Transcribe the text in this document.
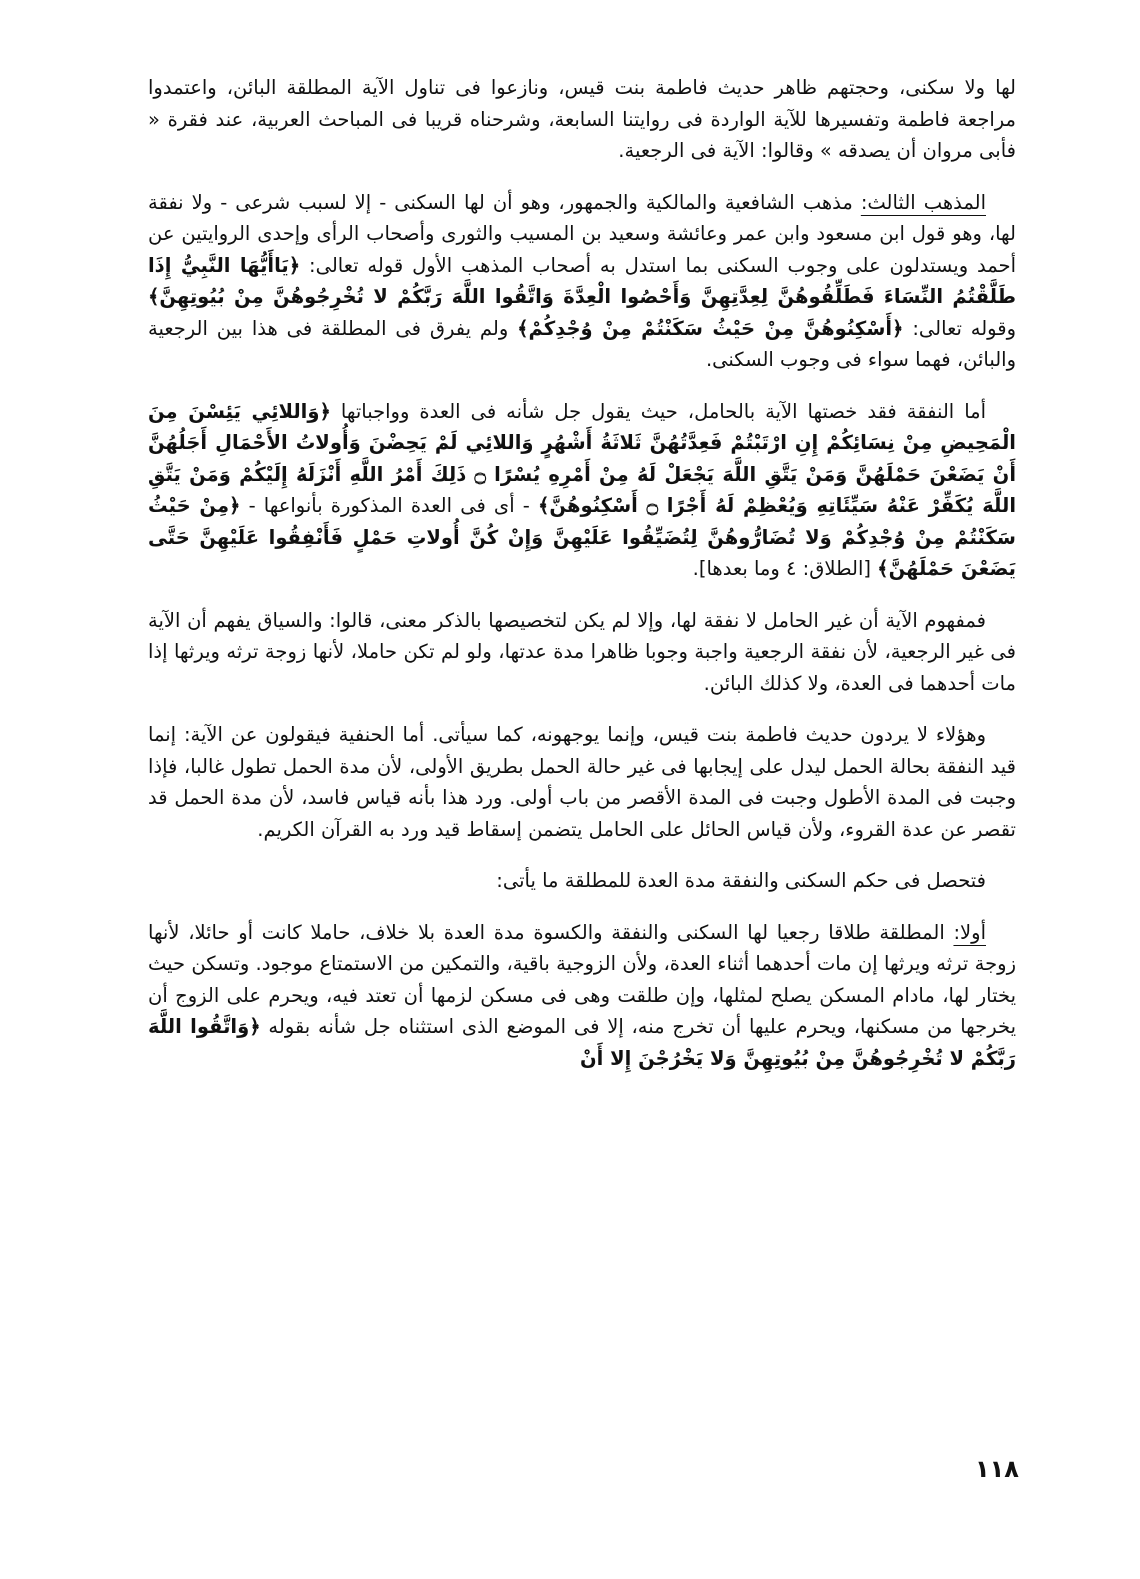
لها ولا سكنى، وحجتهم ظاهر حديث فاطمة بنت قيس، ونازعوا فى تناول الآية المطلقة البائن، واعتمدوا مراجعة فاطمة وتفسيرها للآية الواردة فى روايتنا السابعة، وشرحناه قريبا فى المباحث العربية، عند فقرة « فأبى مروان أن يصدقه » وقالوا: الآية فى الرجعية.

المذهب الثالث: مذهب الشافعية والمالكية والجمهور، وهو أن لها السكنى - إلا لسبب شرعى - ولا نفقة لها، وهو قول ابن مسعود وابن عمر وعائشة وسعيد بن المسيب والثورى وأصحاب الرأى وإحدى الروايتين عن أحمد ويستدلون على وجوب السكنى بما استدل به أصحاب المذهب الأول قوله تعالى: ﴿يَاأَيُّهَا النَّبِيُّ إِذَا طَلَّقْتُمُ النِّسَاءَ فَطَلِّقُوهُنَّ لِعِدَّتِهِنَّ وَأَحْصُوا الْعِدَّةَ وَاتَّقُوا اللَّهَ رَبَّكُمْ لا تُخْرِجُوهُنَّ مِنْ بُيُوتِهِنَّ﴾ وقوله تعالى: ﴿أَسْكِنُوهُنَّ مِنْ حَيْثُ سَكَنْتُمْ مِنْ وُجْدِكُمْ﴾ ولم يفرق فى المطلقة فى هذا بين الرجعية والبائن، فهما سواء فى وجوب السكنى.

أما النفقة فقد خصتها الآية بالحامل، حيث يقول جل شأنه فى العدة وواجباتها ﴿وَاللائِي يَئِسْنَ مِنَ الْمَحِيضِ مِنْ نِسَائِكُمْ إِنِ ارْتَبْتُمْ فَعِدَّتُهُنَّ ثَلاثَةُ أَشْهُرٍ وَاللائِي لَمْ يَحِضْنَ وَأُولاتُ الأَحْمَالِ أَجَلُهُنَّ أَنْ يَضَعْنَ حَمْلَهُنَّ وَمَنْ يَتَّقِ اللَّهَ يَجْعَلْ لَهُ مِنْ أَمْرِهِ يُسْرًا ۝ ذَلِكَ أَمْرُ اللَّهِ أَنْزَلَهُ إِلَيْكُمْ وَمَنْ يَتَّقِ اللَّهَ يُكَفِّرْ عَنْهُ سَيِّئَاتِهِ وَيُعْظِمْ لَهُ أَجْرًا ۝ أَسْكِنُوهُنَّ﴾ - أى فى العدة المذكورة بأنواعها - ﴿مِنْ حَيْثُ سَكَنْتُمْ مِنْ وُجْدِكُمْ وَلا تُضَارُّوهُنَّ لِتُضَيِّقُوا عَلَيْهِنَّ وَإِنْ كُنَّ أُولاتِ حَمْلٍ فَأَنْفِقُوا عَلَيْهِنَّ حَتَّى يَضَعْنَ حَمْلَهُنَّ﴾ [الطلاق: ٤ وما بعدها].

فمفهوم الآية أن غير الحامل لا نفقة لها، وإلا لم يكن لتخصيصها بالذكر معنى، قالوا: والسياق يفهم أن الآية فى غير الرجعية، لأن نفقة الرجعية واجبة وجوبا ظاهرا مدة عدتها، ولو لم تكن حاملا، لأنها زوجة ترثه ويرثها إذا مات أحدهما فى العدة، ولا كذلك البائن.

وهؤلاء لا يردون حديث فاطمة بنت قيس، وإنما يوجهونه، كما سيأتى. أما الحنفية فيقولون عن الآية: إنما قيد النفقة بحالة الحمل ليدل على إيجابها فى غير حالة الحمل بطريق الأولى، لأن مدة الحمل تطول غالبا، فإذا وجبت فى المدة الأطول وجبت فى المدة الأقصر من باب أولى. ورد هذا بأنه قياس فاسد، لأن مدة الحمل قد تقصر عن عدة القروء، ولأن قياس الحائل على الحامل يتضمن إسقاط قيد ورد به القرآن الكريم.

فتحصل فى حكم السكنى والنفقة مدة العدة للمطلقة ما يأتى:

أولا: المطلقة طلاقا رجعيا لها السكنى والنفقة والكسوة مدة العدة بلا خلاف، حاملا كانت أو حائلا، لأنها زوجة ترثه ويرثها إن مات أحدهما أثناء العدة، ولأن الزوجية باقية، والتمكين من الاستمتاع موجود. وتسكن حيث يختار لها، مادام المسكن يصلح لمثلها، وإن طلقت وهى فى مسكن لزمها أن تعتد فيه، ويحرم على الزوج أن يخرجها من مسكنها، ويحرم عليها أن تخرج منه، إلا فى الموضع الذى استثناه جل شأنه بقوله ﴿وَاتَّقُوا اللَّهَ رَبَّكُمْ لا تُخْرِجُوهُنَّ مِنْ بُيُوتِهِنَّ وَلا يَخْرُجْنَ إِلا أَنْ

١١٨
